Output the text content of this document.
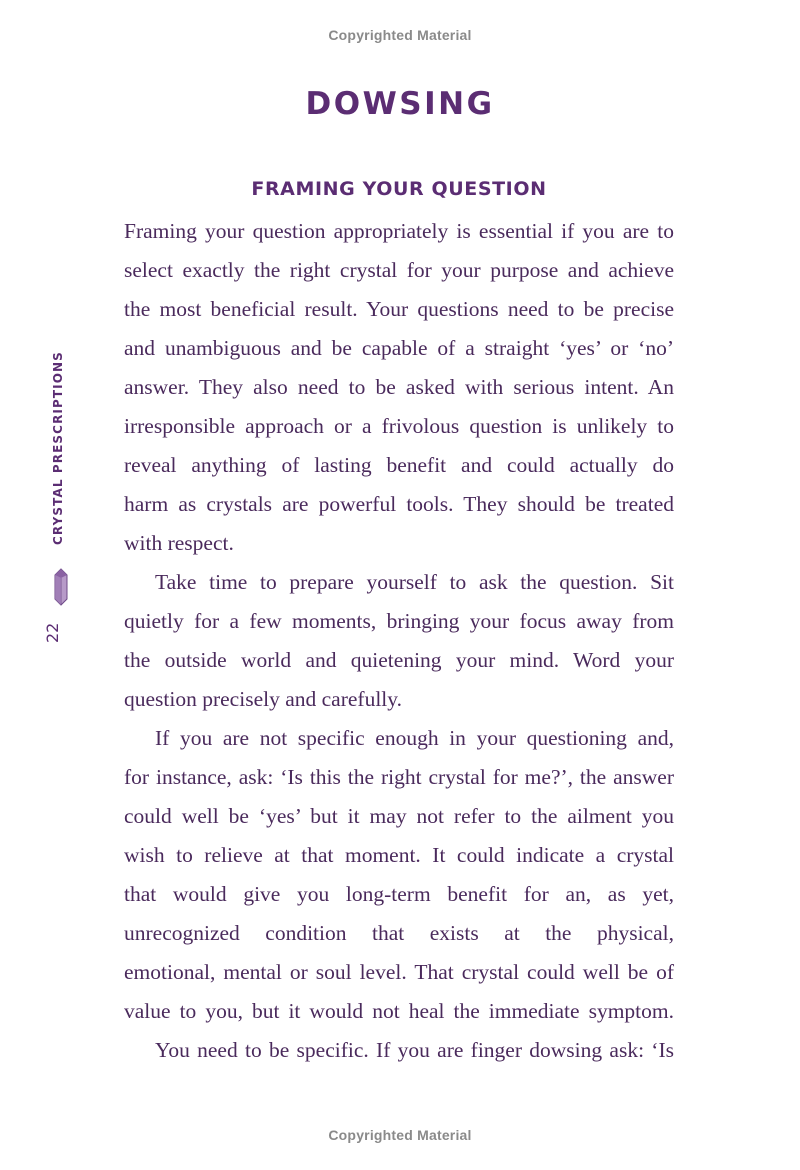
Copyrighted Material
CRYSTAL PRESCRIPTIONS
22
DOWSING
FRAMING YOUR QUESTION
Framing your question appropriately is essential if you are to
select exactly the right crystal for your purpose and achieve
the most beneficial result. Your questions need to be precise
and unambiguous and be capable of a straight ‘yes’ or ‘no’
answer. They also need to be asked with serious intent. An
irresponsible approach or a frivolous question is unlikely to
reveal anything of lasting benefit and could actually do
harm as crystals are powerful tools. They should be treated
with respect.
Take time to prepare yourself to ask the question. Sit
quietly for a few moments, bringing your focus away from
the outside world and quietening your mind. Word your
question precisely and carefully.
If you are not specific enough in your questioning and,
for instance, ask: ‘Is this the right crystal for me?’, the answer
could well be ‘yes’ but it may not refer to the ailment you
wish to relieve at that moment. It could indicate a crystal
that would give you long-term benefit for an, as yet,
unrecognized condition that exists at the physical,
emotional, mental or soul level. That crystal could well be of
value to you, but it would not heal the immediate symptom.
You need to be specific. If you are finger dowsing ask: ‘Is
Copyrighted Material
